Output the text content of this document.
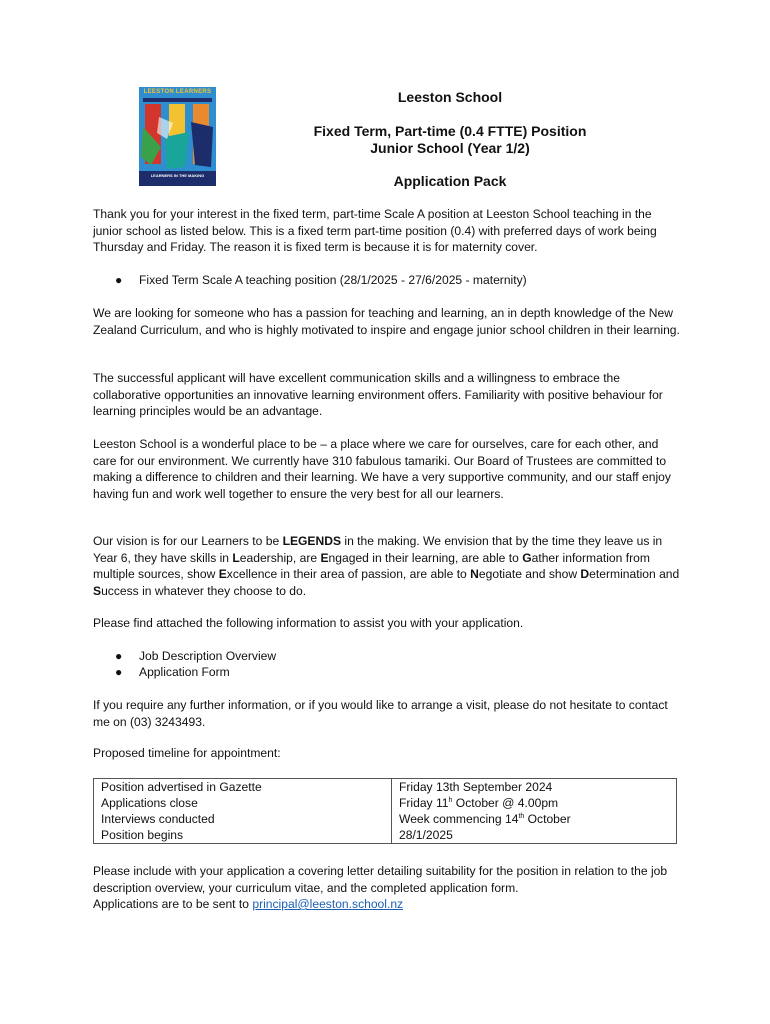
LEESTON LEARNERS
LEARNERS IN THE MAKING
Leeston School
Fixed Term, Part-time (0.4 FTTE) Position
Junior School (Year 1/2)
Application Pack

Thank you for your interest in the fixed term, part-time Scale A position at Leeston School teaching in the junior school as listed below. This is a fixed term part-time position (0.4) with preferred days of work being Thursday and Friday. The reason it is fixed term is because it is for maternity cover.

● Fixed Term Scale A teaching position (28/1/2025 - 27/6/2025 - maternity)

We are looking for someone who has a passion for teaching and learning, an in depth knowledge of the New Zealand Curriculum, and who is highly motivated to inspire and engage junior school children in their learning.

The successful applicant will have excellent communication skills and a willingness to embrace the collaborative opportunities an innovative learning environment offers. Familiarity with positive behaviour for learning principles would be an advantage.

Leeston School is a wonderful place to be – a place where we care for ourselves, care for each other, and care for our environment. We currently have 310 fabulous tamariki. Our Board of Trustees are committed to making a difference to children and their learning. We have a very supportive community, and our staff enjoy having fun and work well together to ensure the very best for all our learners.

Our vision is for our Learners to be LEGENDS in the making. We envision that by the time they leave us in Year 6, they have skills in Leadership, are Engaged in their learning, are able to Gather information from multiple sources, show Excellence in their area of passion, are able to Negotiate and show Determination and Success in whatever they choose to do.

Please find attached the following information to assist you with your application.

● Job Description Overview
● Application Form

If you require any further information, or if you would like to arrange a visit, please do not hesitate to contact me on (03) 3243493.

Proposed timeline for appointment:

Position advertised in Gazette	Friday 13th September 2024
Applications close	Friday 11$^h$ October @ 4.00pm
Interviews conducted	Week commencing 14th October
Position begins	28/1/2025

Please include with your application a covering letter detailing suitability for the position in relation to the job description overview, your curriculum vitae, and the completed application form.
Applications are to be sent to principal@leeston.school.nz
